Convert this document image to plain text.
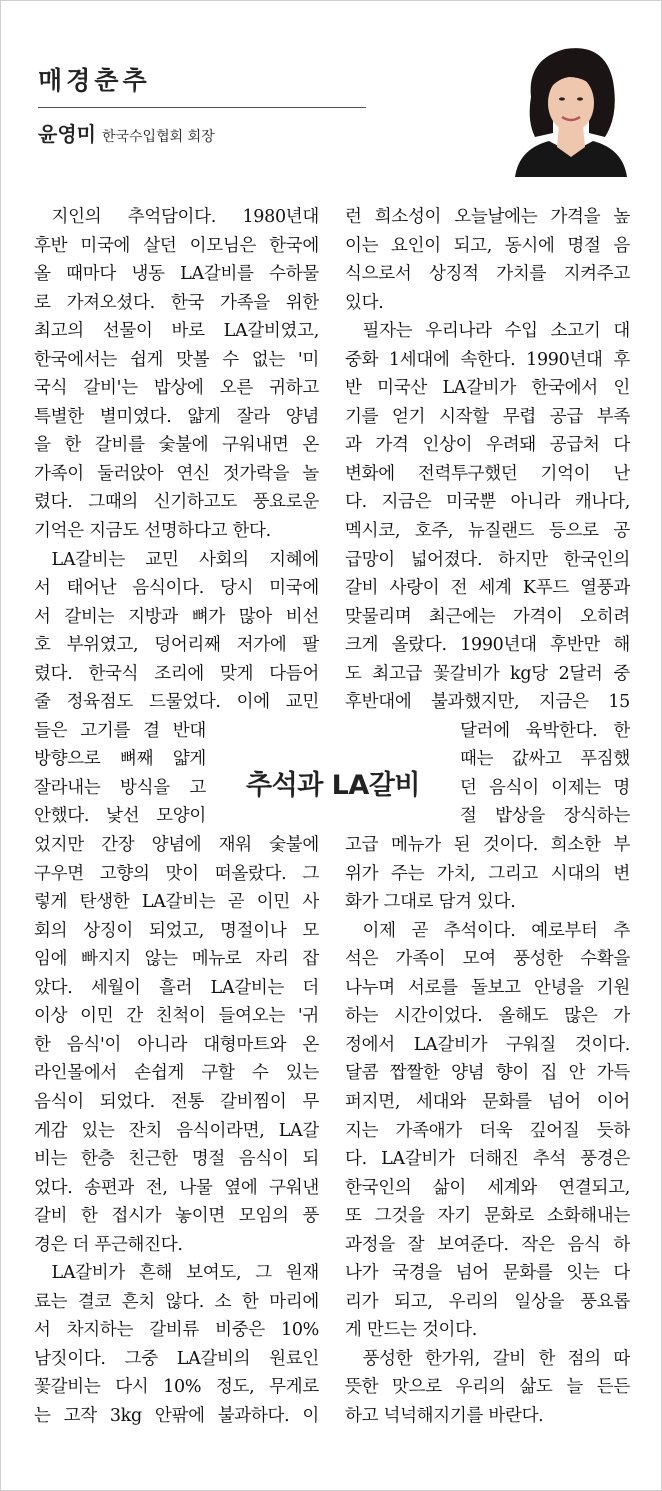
매경춘추
윤영미 한국수입협회 회장
지인의 추억담이다. 1980년대
후반 미국에 살던 이모님은 한국에
올 때마다 냉동 LA갈비를 수하물
로 가져오셨다. 한국 가족을 위한
최고의 선물이 바로 LA갈비였고,
한국에서는 쉽게 맛볼 수 없는 '미
국식 갈비'는 밥상에 오른 귀하고
특별한 별미였다. 얇게 잘라 양념
을 한 갈비를 숯불에 구워내면 온
가족이 둘러앉아 연신 젓가락을 놀
렸다. 그때의 신기하고도 풍요로운
기억은 지금도 선명하다고 한다.
LA갈비는 교민 사회의 지혜에
서 태어난 음식이다. 당시 미국에
서 갈비는 지방과 뼈가 많아 비선
호 부위였고, 덩어리째 저가에 팔
렸다. 한국식 조리에 맞게 다듬어
줄 정육점도 드물었다. 이에 교민
들은 고기를 결 반대
방향으로 뼈째 얇게
잘라내는 방식을 고
안했다. 낯선 모양이
었지만 간장 양념에 재워 숯불에
구우면 고향의 맛이 떠올랐다. 그
렇게 탄생한 LA갈비는 곧 이민 사
회의 상징이 되었고, 명절이나 모
임에 빠지지 않는 메뉴로 자리 잡
았다. 세월이 흘러 LA갈비는 더
이상 이민 간 친척이 들여오는 '귀
한 음식'이 아니라 대형마트와 온
라인몰에서 손쉽게 구할 수 있는
음식이 되었다. 전통 갈비찜이 무
게감 있는 잔치 음식이라면, LA갈
비는 한층 친근한 명절 음식이 되
었다. 송편과 전, 나물 옆에 구워낸
갈비 한 접시가 놓이면 모임의 풍
경은 더 푸근해진다.
LA갈비가 흔해 보여도, 그 원재
료는 결코 흔치 않다. 소 한 마리에
서 차지하는 갈비류 비중은 10%
남짓이다. 그중 LA갈비의 원료인
꽃갈비는 다시 10% 정도, 무게로
는 고작 3kg 안팎에 불과하다. 이
추석과 LA갈비
런 희소성이 오늘날에는 가격을 높
이는 요인이 되고, 동시에 명절 음
식으로서 상징적 가치를 지켜주고
있다.
필자는 우리나라 수입 소고기 대
중화 1세대에 속한다. 1990년대 후
반 미국산 LA갈비가 한국에서 인
기를 얻기 시작할 무렵 공급 부족
과 가격 인상이 우려돼 공급처 다
변화에 전력투구했던 기억이 난
다. 지금은 미국뿐 아니라 캐나다,
멕시코, 호주, 뉴질랜드 등으로 공
급망이 넓어졌다. 하지만 한국인의
갈비 사랑이 전 세계 K푸드 열풍과
맞물리며 최근에는 가격이 오히려
크게 올랐다. 1990년대 후반만 해
도 최고급 꽃갈비가 kg당 2달러 중
후반대에 불과했지만, 지금은 15
달러에 육박한다. 한
때는 값싸고 푸짐했
던 음식이 이제는 명
절 밥상을 장식하는
고급 메뉴가 된 것이다. 희소한 부
위가 주는 가치, 그리고 시대의 변
화가 그대로 담겨 있다.
이제 곧 추석이다. 예로부터 추
석은 가족이 모여 풍성한 수확을
나누며 서로를 돌보고 안녕을 기원
하는 시간이었다. 올해도 많은 가
정에서 LA갈비가 구워질 것이다.
달콤 짭짤한 양념 향이 집 안 가득
퍼지면, 세대와 문화를 넘어 이어
지는 가족애가 더욱 깊어질 듯하
다. LA갈비가 더해진 추석 풍경은
한국인의 삶이 세계와 연결되고,
또 그것을 자기 문화로 소화해내는
과정을 잘 보여준다. 작은 음식 하
나가 국경을 넘어 문화를 잇는 다
리가 되고, 우리의 일상을 풍요롭
게 만드는 것이다.
풍성한 한가위, 갈비 한 점의 따
뜻한 맛으로 우리의 삶도 늘 든든
하고 넉넉해지기를 바란다.
